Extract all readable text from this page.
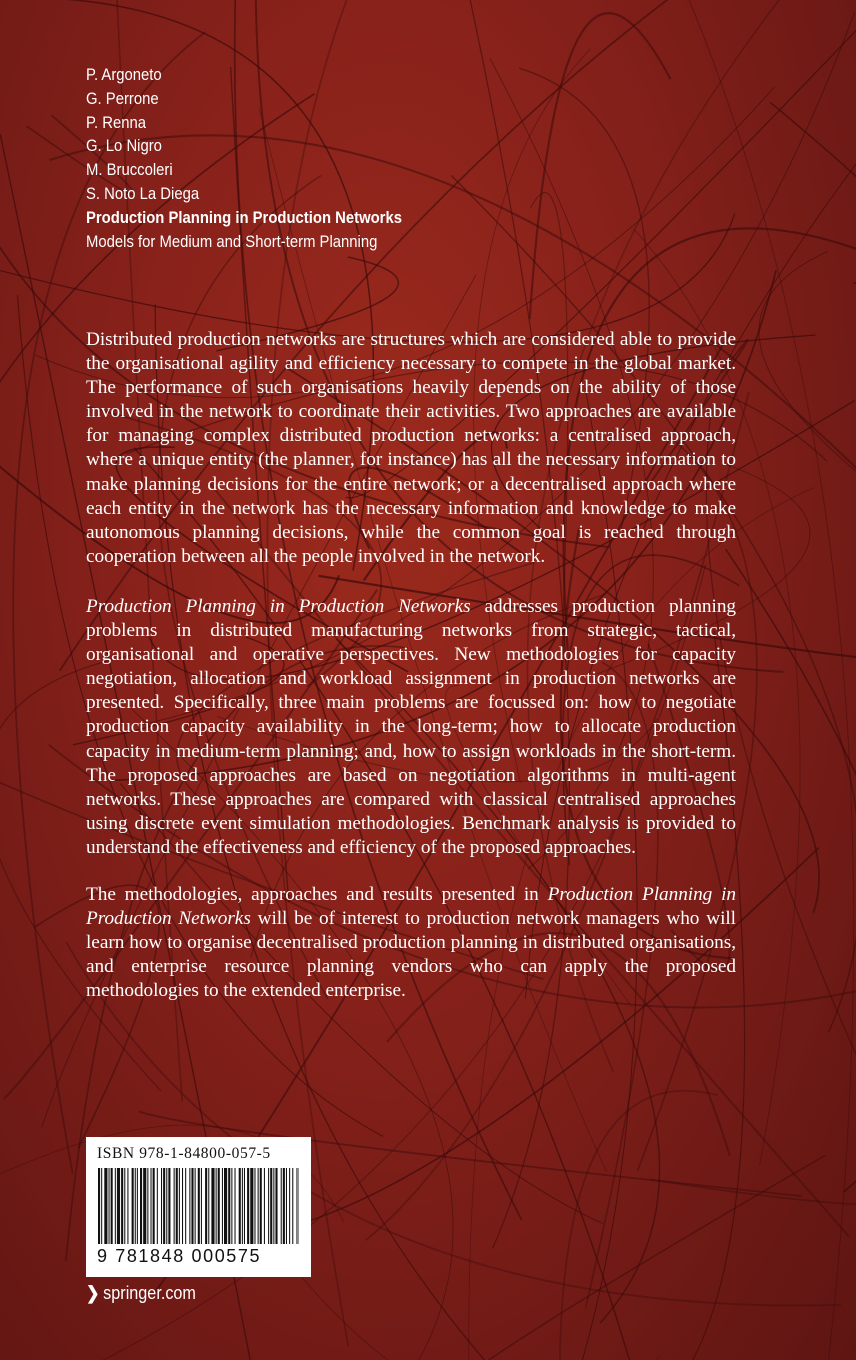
P. Argoneto
G. Perrone
P. Renna
G. Lo Nigro
M. Bruccoleri
S. Noto La Diega
Production Planning in Production Networks
Models for Medium and Short-term Planning

Distributed production networks are structures which are considered able to provide the organisational agility and efficiency necessary to compete in the global market. The performance of such organisations heavily depends on the ability of those involved in the network to coordinate their activities. Two approaches are available for managing complex distributed production networks: a centralised approach, where a unique entity (the planner, for instance) has all the necessary information to make planning decisions for the entire network; or a decentralised approach where each entity in the network has the necessary information and knowledge to make autonomous planning decisions, while the common goal is reached through cooperation between all the people involved in the network.

Production Planning in Production Networks addresses production planning problems in distributed manufacturing networks from strategic, tactical, organisational and operative perspectives. New methodologies for capacity negotiation, allocation and workload assignment in production networks are presented. Specifically, three main problems are focussed on: how to negotiate production capacity availability in the long-term; how to allocate production capacity in medium-term planning; and, how to assign workloads in the short-term. The proposed approaches are based on negotiation algorithms in multi-agent networks. These approaches are compared with classical centralised approaches using discrete event simulation methodologies. Benchmark analysis is provided to understand the effectiveness and efficiency of the proposed approaches.

The methodologies, approaches and results presented in Production Planning in Production Networks will be of interest to production network managers who will learn how to organise decentralised production planning in distributed organisations, and enterprise resource planning vendors who can apply the proposed methodologies to the extended enterprise.

ISBN 978-1-84800-057-5
9 781848 000575
❯ springer.com
